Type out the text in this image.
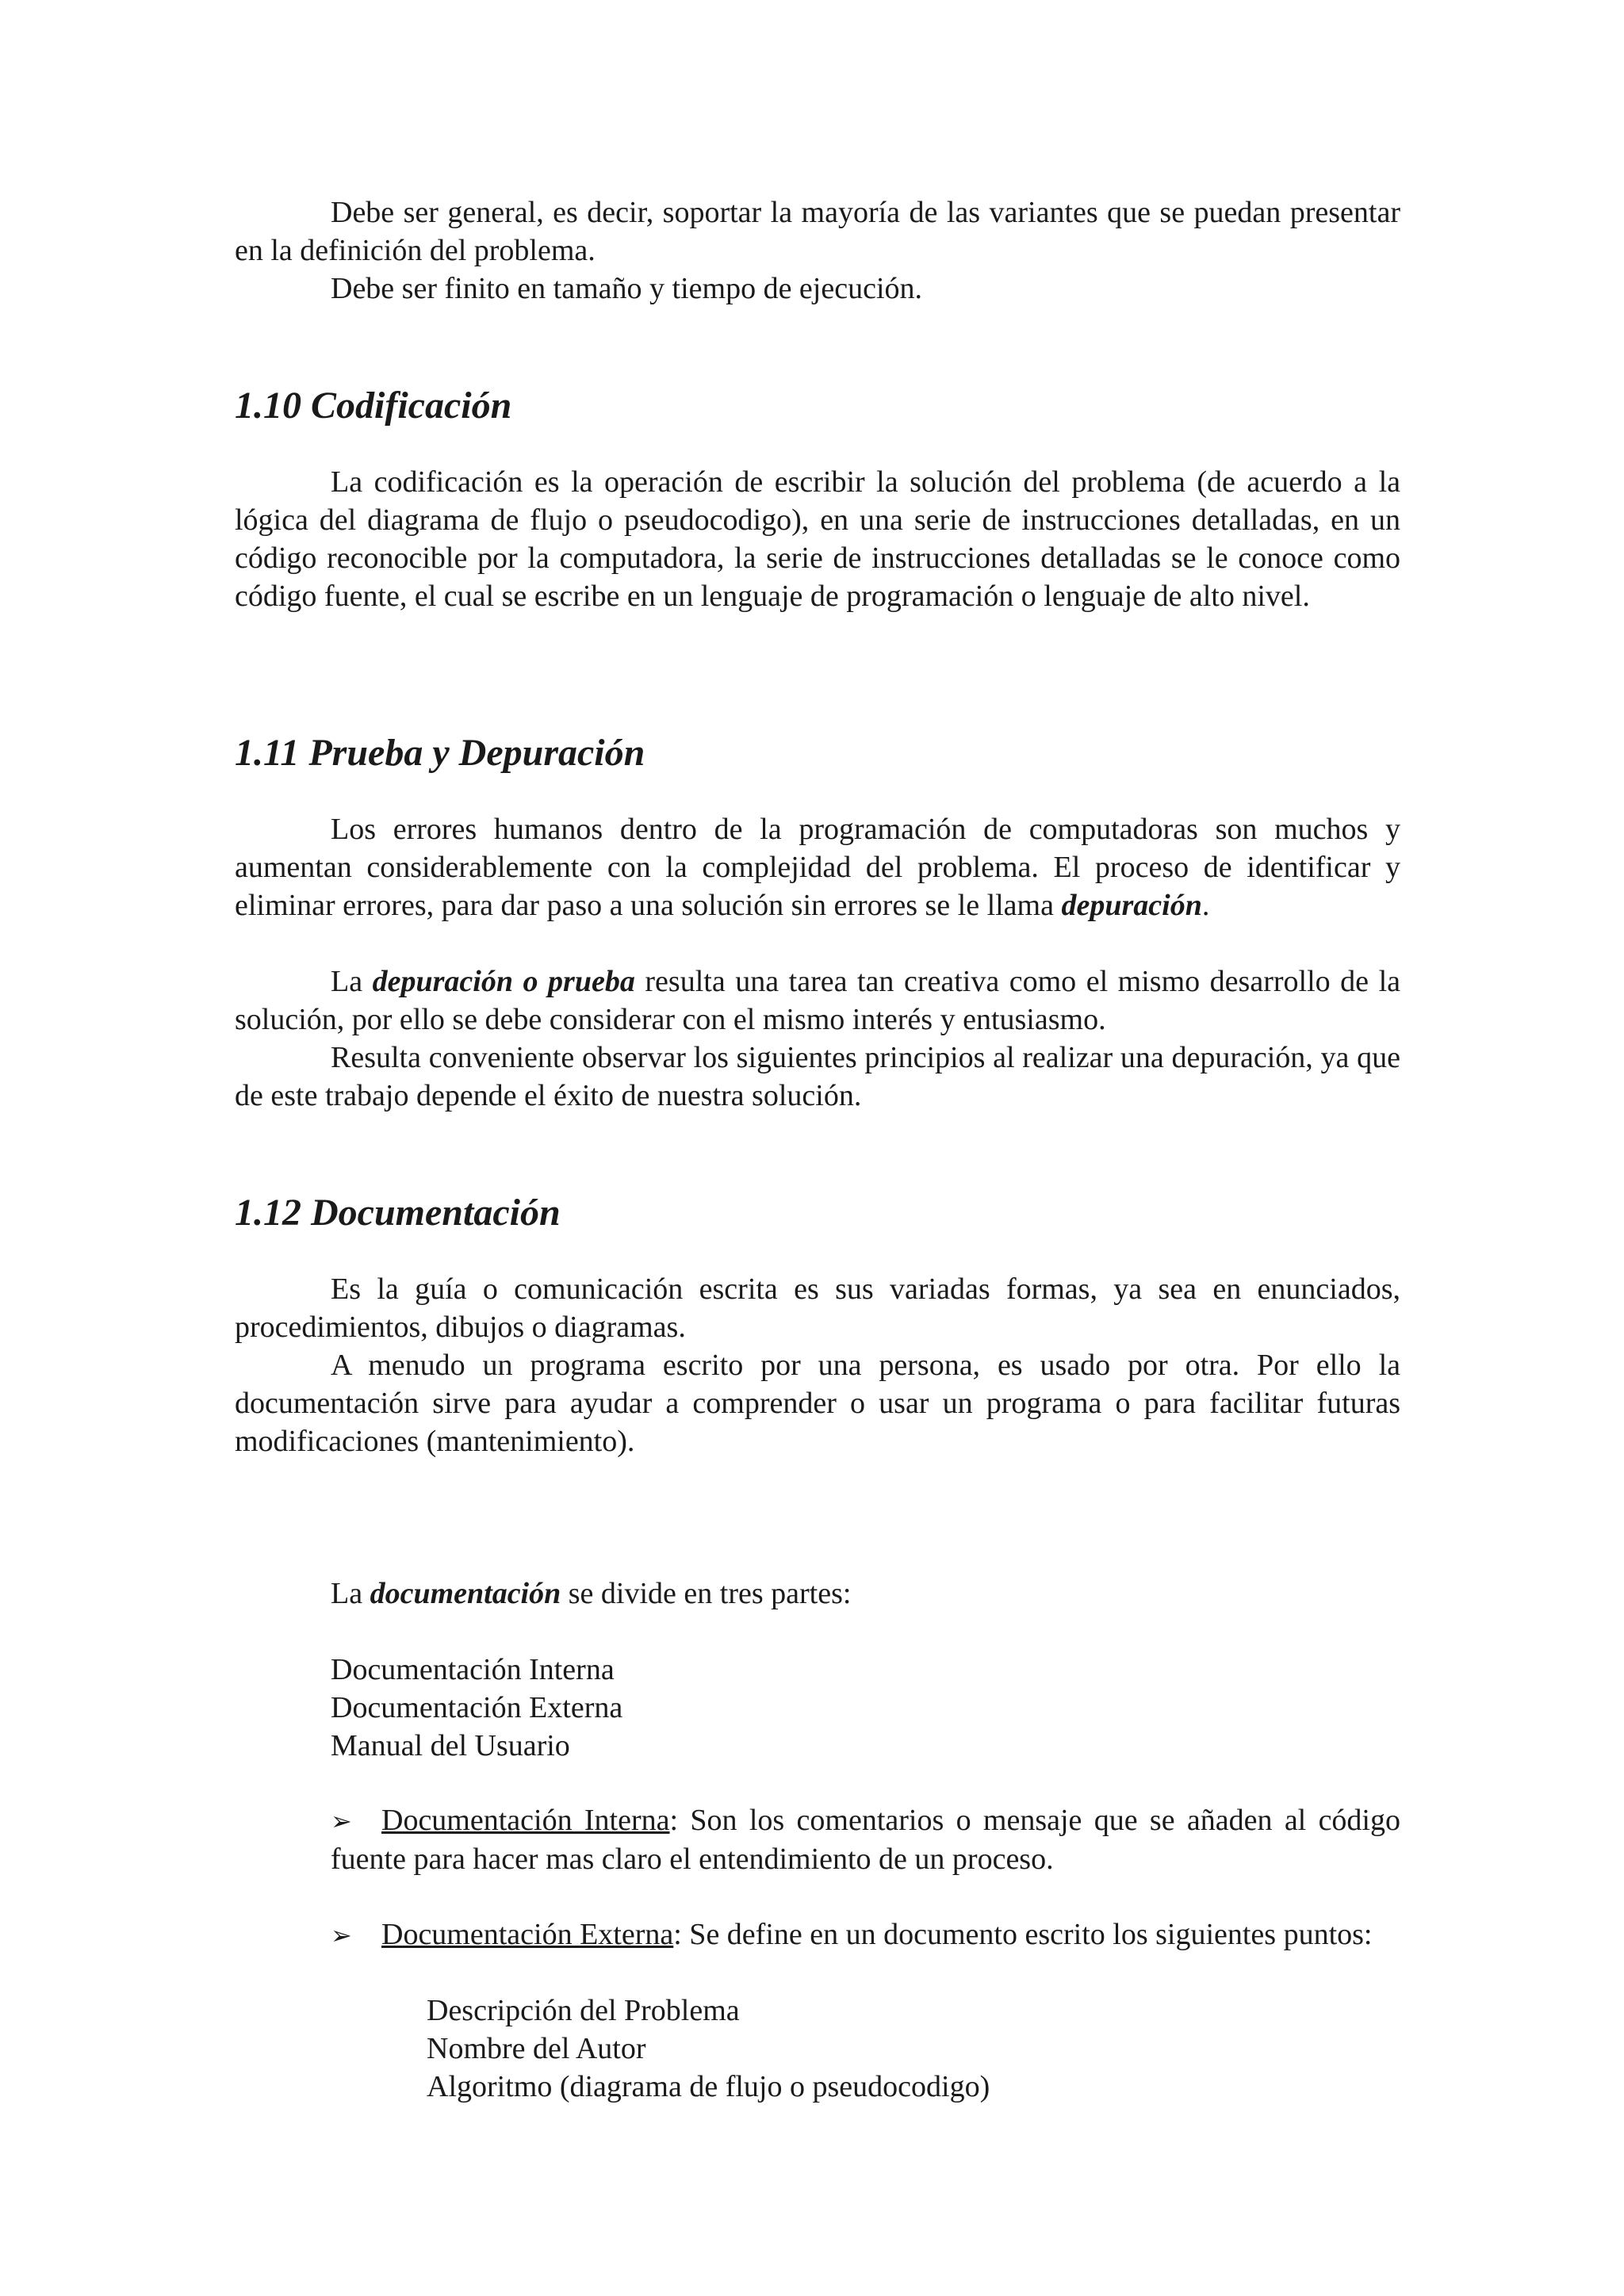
Debe ser general, es decir, soportar la mayoría de las variantes que se puedan presentar en la definición del problema.

Debe ser finito en tamaño y tiempo de ejecución.

1.10 Codificación

La codificación es la operación de escribir la solución del problema (de acuerdo a la lógica del diagrama de flujo o pseudocodigo), en una serie de instrucciones detalladas, en un código reconocible por la computadora, la serie de instrucciones detalladas se le conoce como código fuente, el cual se escribe en un lenguaje de programación o lenguaje de alto nivel.

1.11 Prueba y Depuración

Los errores humanos dentro de la programación de computadoras son muchos y aumentan considerablemente con la complejidad del problema. El proceso de identificar y eliminar errores, para dar paso a una solución sin errores se le llama depuración.

La depuración o prueba resulta una tarea tan creativa como el mismo desarrollo de la solución, por ello se debe considerar con el mismo interés y entusiasmo.

Resulta conveniente observar los siguientes principios al realizar una depuración, ya que de este trabajo depende el éxito de nuestra solución.

1.12 Documentación

Es la guía o comunicación escrita es sus variadas formas, ya sea en enunciados, procedimientos, dibujos o diagramas.

A menudo un programa escrito por una persona, es usado por otra. Por ello la documentación sirve para ayudar a comprender o usar un programa o para facilitar futuras modificaciones (mantenimiento).

La documentación se divide en tres partes:

Documentación Interna

Documentación Externa

Manual del Usuario

➢ Documentación Interna: Son los comentarios o mensaje que se añaden al código fuente para hacer mas claro el entendimiento de un proceso.

➢ Documentación Externa: Se define en un documento escrito los siguientes puntos:

Descripción del Problema

Nombre del Autor

Algoritmo (diagrama de flujo o pseudocodigo)
